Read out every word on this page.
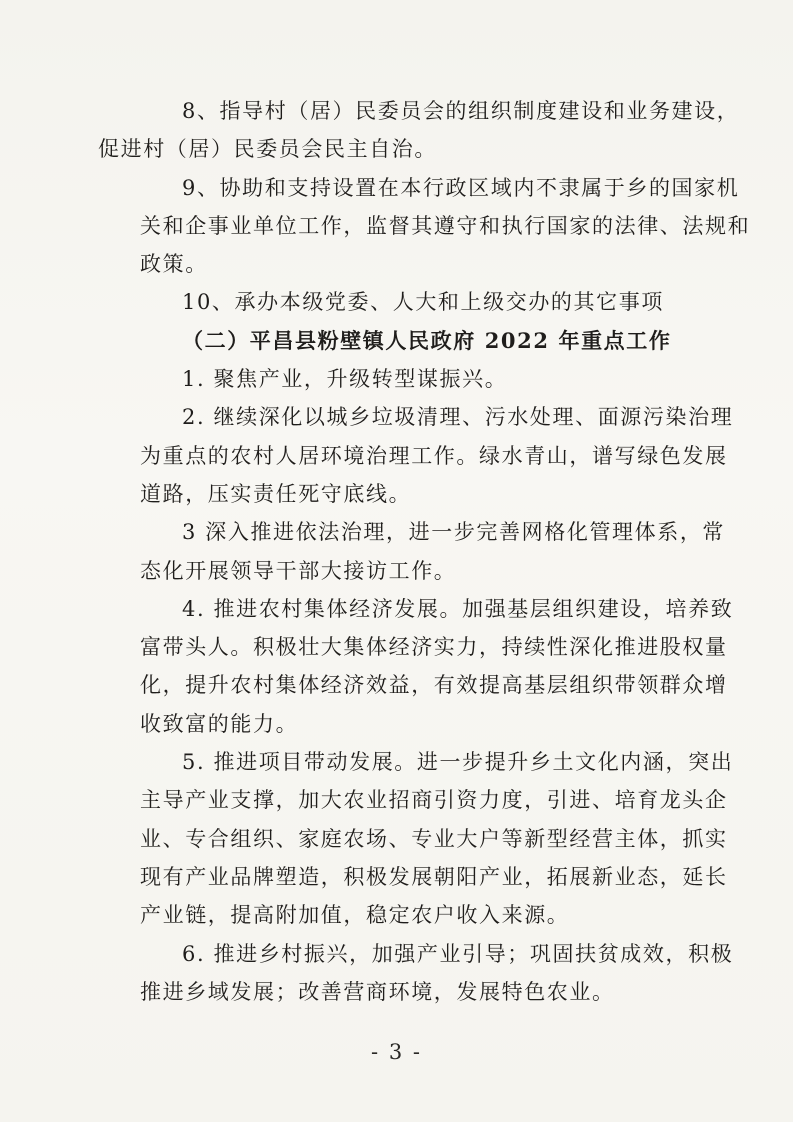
8、指导村（居）民委员会的组织制度建设和业务建设，
促进村（居）民委员会民主自治。

9、协助和支持设置在本行政区域内不隶属于乡的国家机
关和企事业单位工作，监督其遵守和执行国家的法律、法规和
政策。

10、承办本级党委、人大和上级交办的其它事项

（二）平昌县粉壁镇人民政府 2022 年重点工作

1. 聚焦产业，升级转型谋振兴。

2. 继续深化以城乡垃圾清理、污水处理、面源污染治理
为重点的农村人居环境治理工作。绿水青山，谱写绿色发展
道路，压实责任死守底线。

3 深入推进依法治理，进一步完善网格化管理体系，常
态化开展领导干部大接访工作。

4. 推进农村集体经济发展。加强基层组织建设，培养致
富带头人。积极壮大集体经济实力，持续性深化推进股权量
化，提升农村集体经济效益，有效提高基层组织带领群众增
收致富的能力。

5. 推进项目带动发展。进一步提升乡土文化内涵，突出
主导产业支撑，加大农业招商引资力度，引进、培育龙头企
业、专合组织、家庭农场、专业大户等新型经营主体，抓实
现有产业品牌塑造，积极发展朝阳产业，拓展新业态，延长
产业链，提高附加值，稳定农户收入来源。

6. 推进乡村振兴，加强产业引导；巩固扶贫成效，积极
推进乡域发展；改善营商环境，发展特色农业。

- 3 -
